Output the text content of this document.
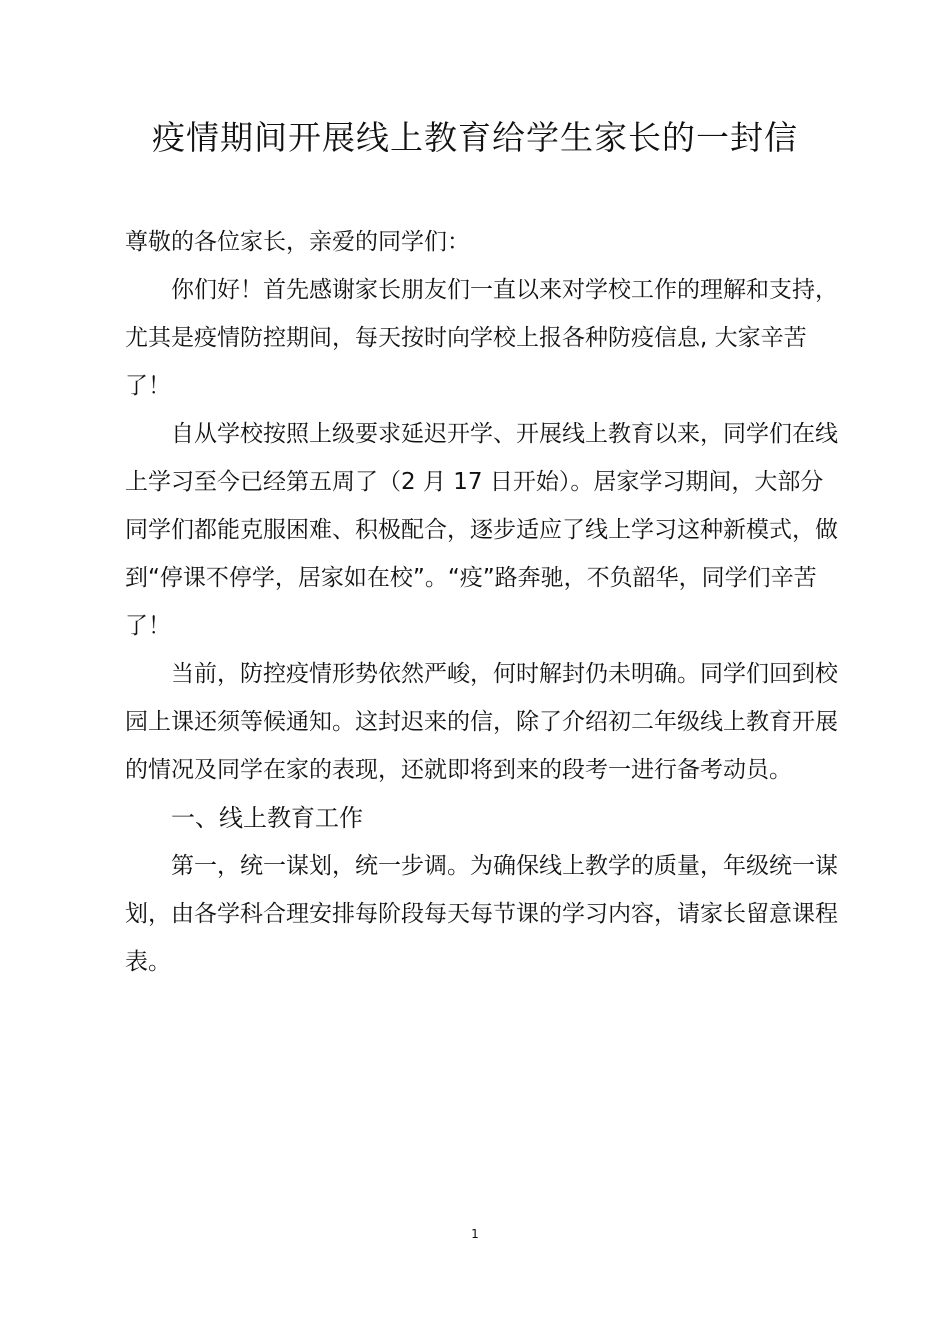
疫情期间开展线上教育给学生家长的一封信

尊敬的各位家长，亲爱的同学们：

你们好！首先感谢家长朋友们一直以来对学校工作的理解和支持，尤其是疫情防控期间，每天按时向学校上报各种防疫信息, 大家辛苦了！

自从学校按照上级要求延迟开学、开展线上教育以来，同学们在线上学习至今已经第五周了（2 月 17 日开始）。居家学习期间，大部分同学们都能克服困难、积极配合，逐步适应了线上学习这种新模式，做到“停课不停学，居家如在校”。“疫”路奔驰，不负韶华，同学们辛苦了！

当前，防控疫情形势依然严峻，何时解封仍未明确。同学们回到校园上课还须等候通知。这封迟来的信，除了介绍初二年级线上教育开展的情况及同学在家的表现，还就即将到来的段考一进行备考动员。

一、线上教育工作

第一，统一谋划，统一步调。为确保线上教学的质量，年级统一谋划，由各学科合理安排每阶段每天每节课的学习内容，请家长留意课程表。

1
